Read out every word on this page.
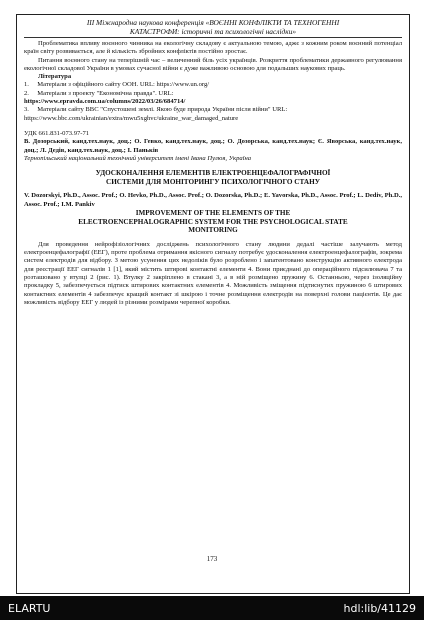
ІІІ Міжнародна наукова конференція «ВОЄННІ КОНФЛІКТИ ТА ТЕХНОГЕННІ

КАТАСТРОФИ: історичні та психологічні наслідки»

Проблематика впливу воєнного чинника на екологічну складову є актуальною темою, аджє з кожним роком воєнний потенціал країн світу розвивається, але й кількість збройних конфліктів постійно зростає.

Питання воєнного стану на теперішній час – величенний біль усіх українців. Розкриття проблематики державного регулювання екологічної складової України в умовах сучасної війни є дуже важливою основою для подальших наукових праць.

Література

1. Матеріали з офіційного сайту ООН. URL: https://www.un.org/

2. Матеріали з проекту "Економічна правда". URL:

https://www.epravda.com.ua/columns/2022/03/26/684714/

3. Матеріали сайту ВВС "Спустошені землі. Якою буде природа України після війни" URL:

https://www.bbc.com/ukrainian/extra/mwu5xghvc/ukraine_war_damaged_nature

УДК 661.831-073.97-71

В. Дозорський, канд.тех.наук, доц.; О. Гевко, канд.тех.наук, доц.; О. Дозорська, канд.тех.наук; Є. Яворська, канд.тех.наук, доц.; Л. Дедів, канд.тех.наук, доц.; І. Паньків

Тернопільський національний технічний університет імені Івана Пулюя, Україна

УДОСКОНАЛЕННЯ ЕЛЕМЕНТІВ ЕЛЕКТРОЕНЦЕФАЛОГРАФІЧНОЇ

СИСТЕМИ ДЛЯ МОНІТОРИНГУ ПСИХОЛОГІЧНОГО СТАНУ

V. Dozorskyi, Ph.D., Assoc. Prof.; O. Hevko, Ph.D., Assoc. Prof.; O. Dozorska, Ph.D.; E. Yavorska, Ph.D., Assoc. Prof.; L. Dediv, Ph.D., Assoc. Prof.; I.M. Pankiv

IMPROVEMENT OF THE ELEMENTS OF THE

ELECTROENCEPHALOGRAPHIC SYSTEM FOR THE PSYCHOLOGICAL STATE

MONITORING

Для проведення нейрофізіологічних досліджень психологічного стану людини дедалі частіше залучають метод електроенцефалографії (ЕЕГ), проте проблема отримання якісного сигналу потребує удосконалення електроенцефалографів, зокрема систем електродів для відбору. З метою усунення цих недоліків було розроблено і запатентовано конструкцію активного електрода для реєстрації ЕЕГ сигналів 1 [1], який містить штирові контактні елементи 4. Вони приєднані до операційного підсилювача 7 та розташовано у втулці 2 (рис. 1). Втулку 2 закріплено в стакані 3, а в ній розміщено пружину 6. Останньою, через ізоляційну прокладку 5, забезпечується підтиск штирових контактних елементів 4. Можливість зміщення підтиснутих пружиною 6 штирових контактних елементів 4 забезпечує кращий контакт зі шкірою і точне розміщення електродів на поверхні голови пацієнтів. Це дає можливість відбору ЕЕГ у людей із різними розмірами черепної коробки.

173
ELARTU	hdl:lib/41129
